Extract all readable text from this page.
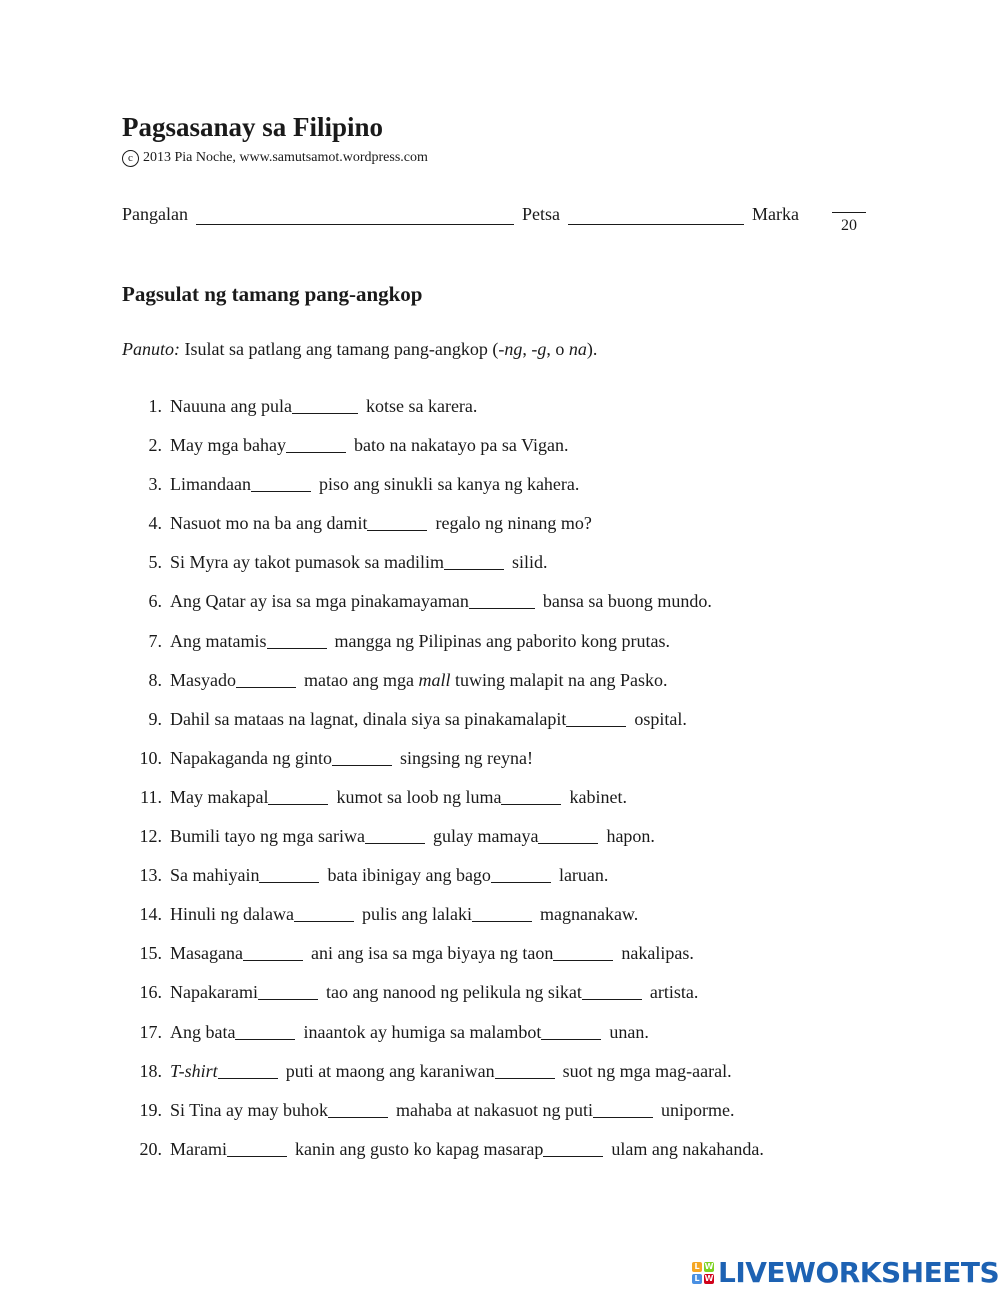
Pagsasanay sa Filipino
c 2013 Pia Noche, www.samutsamot.wordpress.com
Pangalan	Petsa	Marka
20
Pagsulat ng tamang pang-angkop
Panuto: Isulat sa patlang ang tamang pang-angkop (-ng, -g, o na).
1. Nauuna ang pula	kotse sa karera.
2. May mga bahay	bato na nakatayo pa sa Vigan.
3. Limandaan	piso ang sinukli sa kanya ng kahera.
4. Nasuot mo na ba ang damit	regalo ng ninang mo?
5. Si Myra ay takot pumasok sa madilim	silid.
6. Ang Qatar ay isa sa mga pinakamayaman	bansa sa buong mundo.
7. Ang matamis	mangga ng Pilipinas ang paborito kong prutas.
8. Masyado	matao ang mga
mall
tuwing malapit na ang Pasko.
9. Dahil sa mataas na lagnat, dinala siya sa pinakamalapit	ospital.
10. Napakaganda ng ginto	singsing ng reyna!
11. May makapal	kumot sa loob ng luma	kabinet.
12. Bumili tayo ng mga sariwa	gulay mamaya	hapon.
13. Sa mahiyain	bata ibinigay ang bago	laruan.
14. Hinuli ng dalawa	pulis ang lalaki	magnanakaw.
15. Masagana	ani ang isa sa mga biyaya ng taon	nakalipas.
16. Napakarami	tao ang nanood ng pelikula ng sikat	artista.
17. Ang bata	inaantok ay humiga sa malambot	unan.
18. T-shirt	puti at maong ang karaniwan	suot ng mga mag-aaral.
19. Si Tina ay may buhok	mahaba at nakasuot ng puti	uniporme.
20. Marami	kanin ang gusto ko kapag masarap	ulam ang nakahanda.
L W
L W LIVEWORKSHEETS
